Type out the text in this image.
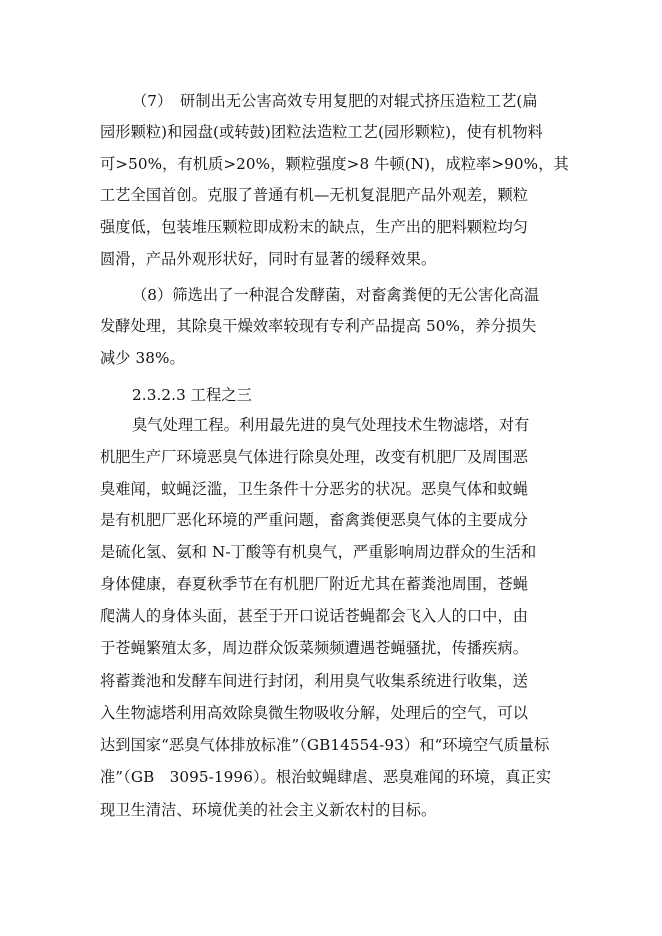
（7）　研制出无公害高效专用复肥的对辊式挤压造粒工艺(扁

园形颗粒)和园盘(或转鼓)团粒法造粒工艺(园形颗粒)，使有机物料

可>50%，有机质>20%，颗粒强度>8 牛顿(N)，成粒率>90%，其

工艺全国首创。克服了普通有机—无机复混肥产品外观差，颗粒

强度低，包装堆压颗粒即成粉末的缺点，生产出的肥料颗粒均匀

圆滑，产品外观形状好，同时有显著的缓释效果。

（8）筛选出了一种混合发酵菌，对畜禽粪便的无公害化高温

发酵处理，其除臭干燥效率较现有专利产品提高 50%，养分损失

减少 38%。

2.3.2.3 工程之三

臭气处理工程。利用最先进的臭气处理技术生物滤塔，对有

机肥生产厂环境恶臭气体进行除臭处理，改变有机肥厂及周围恶

臭难闻，蚊蝇泛滥，卫生条件十分恶劣的状况。恶臭气体和蚊蝇

是有机肥厂恶化环境的严重问题，畜禽粪便恶臭气体的主要成分

是硫化氢、氨和 N-丁酸等有机臭气，严重影响周边群众的生活和

身体健康，春夏秋季节在有机肥厂附近尤其在蓄粪池周围，苍蝇

爬满人的身体头面，甚至于开口说话苍蝇都会飞入人的口中，由

于苍蝇繁殖太多，周边群众饭菜频频遭遇苍蝇骚扰，传播疾病。

将蓄粪池和发酵车间进行封闭，利用臭气收集系统进行收集，送

入生物滤塔利用高效除臭微生物吸收分解，处理后的空气，可以

达到国家“恶臭气体排放标准”（GB14554-93）和“环境空气质量标

准”（GB　3095-1996）。根治蚊蝇肆虐、恶臭难闻的环境，真正实

现卫生清洁、环境优美的社会主义新农村的目标。
